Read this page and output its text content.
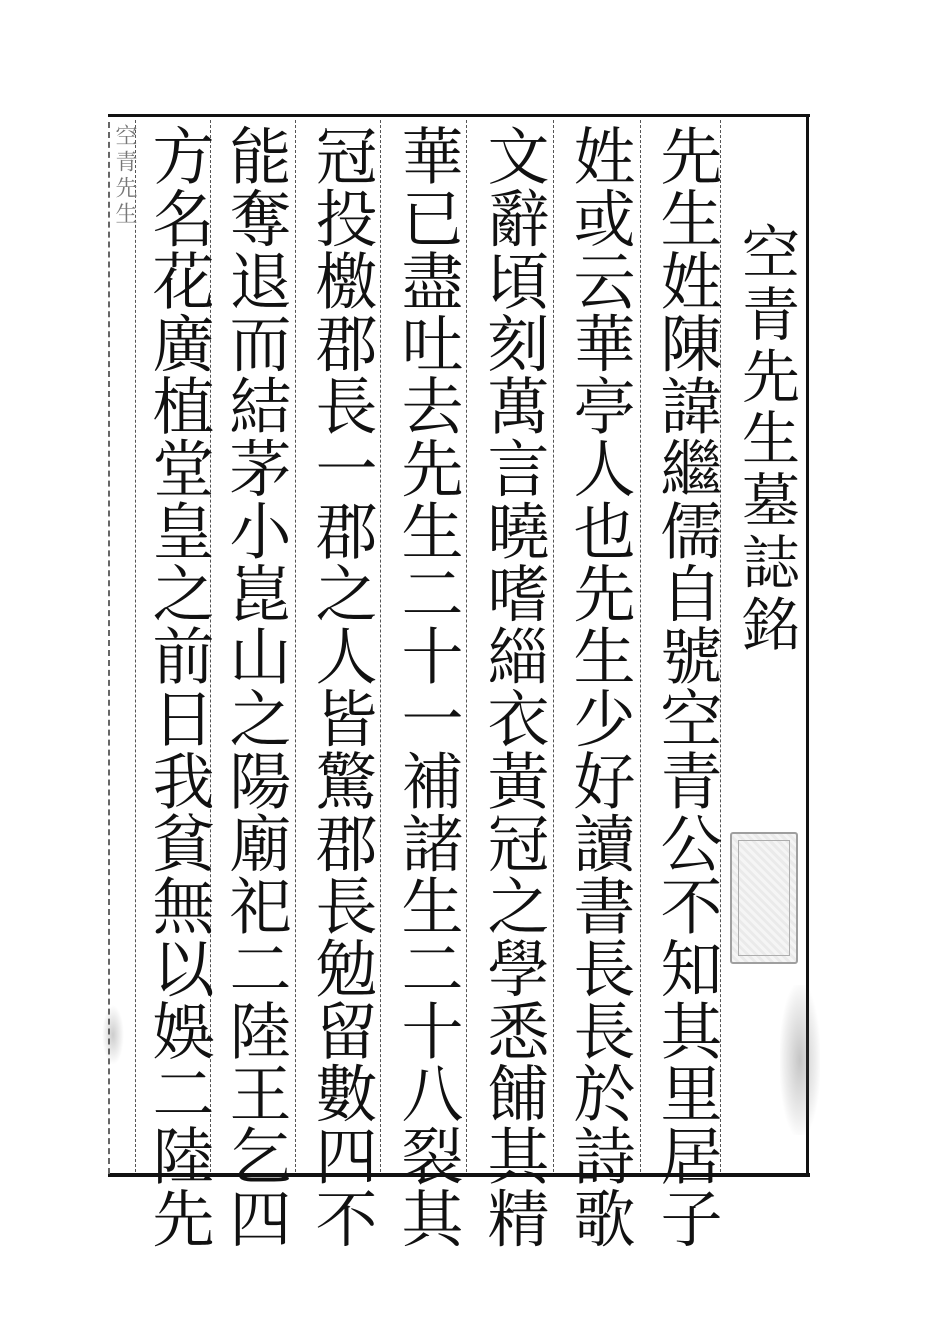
空青先生墓誌銘
先生姓陳諱繼儒自號空青公不知其里居子
姓或云華亭人也先生少好讀書長長於詩歌
文辭頃刻萬言曉嗜緇衣黃冠之學悉餔其精
華已盡吐去先生二十一補諸生二十八裂其
冠投檄郡長一郡之人皆驚郡長勉留數四不
能奪退而結茅小崑山之陽廟祀二陸王乞四
方名花廣植堂皇之前日我貧無以娛二陸先
空青先生
